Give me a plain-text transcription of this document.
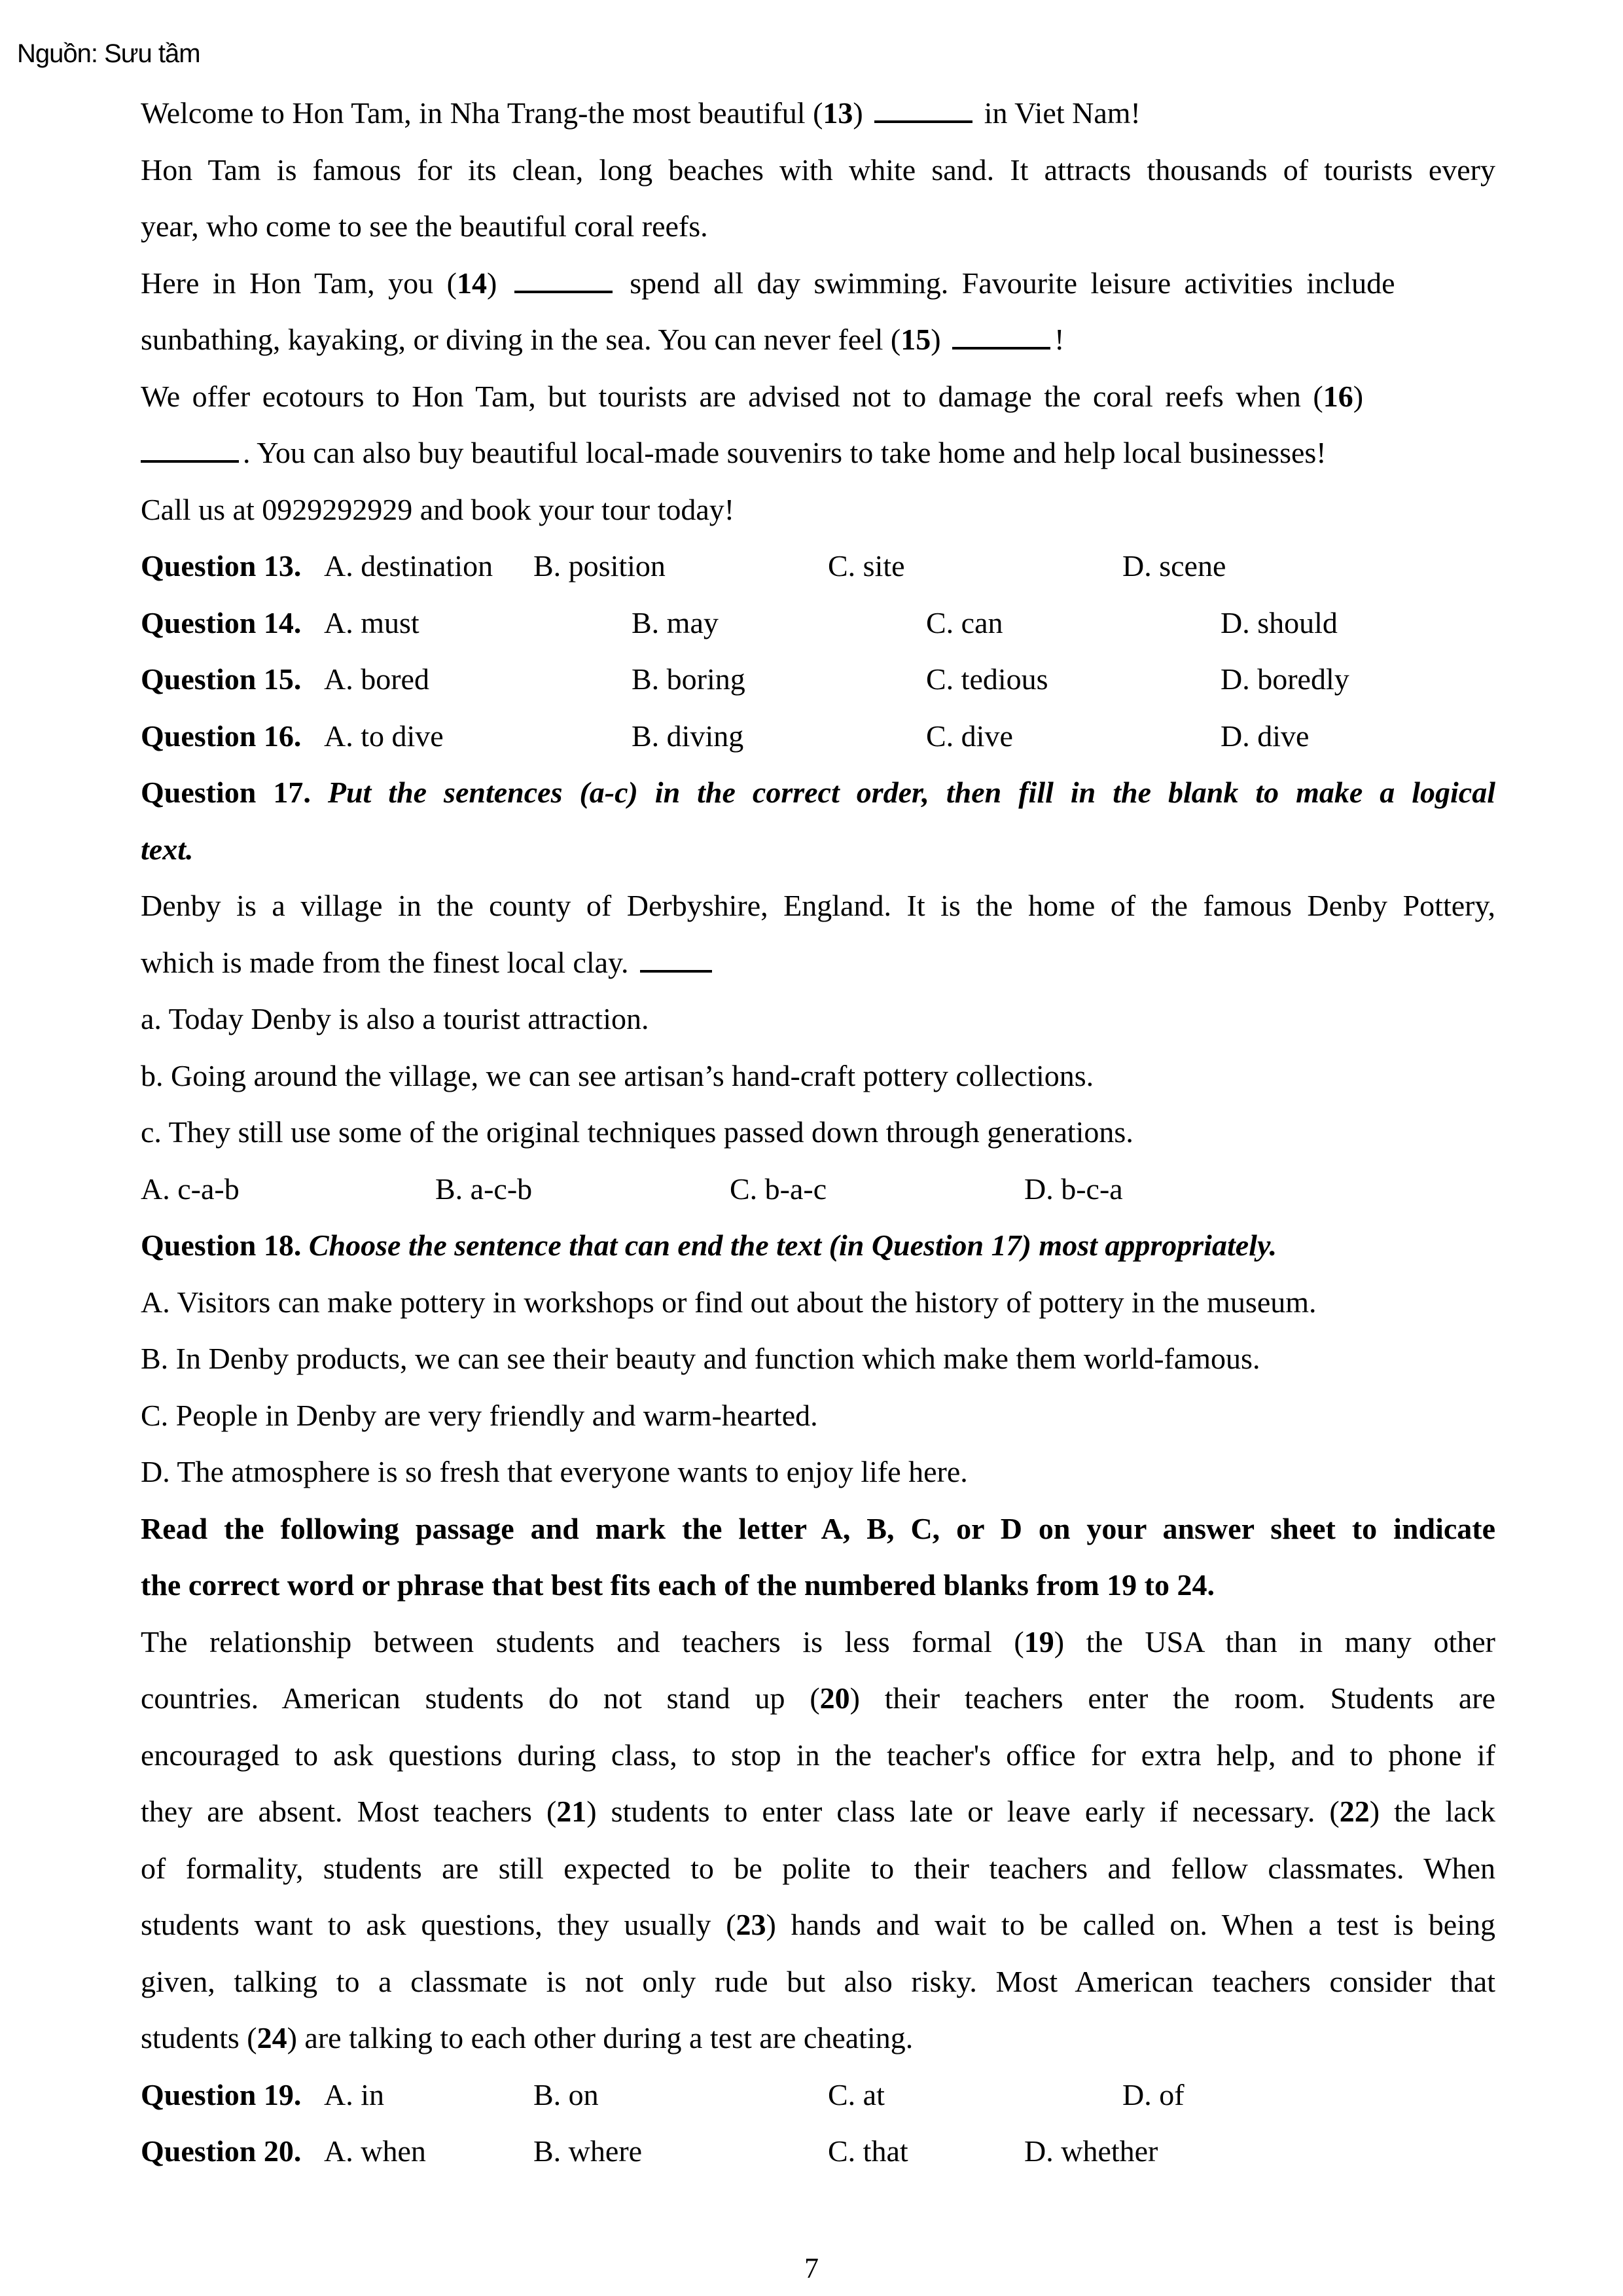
Nguồn: Sưu tầm
Welcome to Hon Tam, in Nha Trang-the most beautiful (13)	in Viet Nam!
Hon Tam is famous for its clean, long beaches with white sand. It attracts thousands of tourists every
year, who come to see the beautiful coral reefs.
Here in Hon Tam, you (14)	spend all day swimming. Favourite leisure activities include
sunbathing, kayaking, or diving in the sea. You can never feel (15)	!
We offer ecotours to Hon Tam, but tourists are advised not to damage the coral reefs when (16)
. You can also buy beautiful local-made souvenirs to take home and help local businesses!
Call us at 0929292929 and book your tour today!
Question 13. A. destination B. position	C. site	D. scene
Question 14. A. must	B. may	C. can	D. should
Question 15. A. bored	B. boring	C. tedious	D. boredly
Question 16. A. to dive	B. diving	C. dive	D. dive
Question 17. Put the sentences (a-c) in the correct order, then fill in the blank to make a logical
text.
Denby is a village in the county of Derbyshire, England. It is the home of the famous Denby Pottery,
which is made from the finest local clay.
a. Today Denby is also a tourist attraction.
b. Going around the village, we can see artisan’s hand-craft pottery collections.
c. They still use some of the original techniques passed down through generations.
A. c-a-b	B. a-c-b	C. b-a-c	D. b-c-a
Question 18. Choose the sentence that can end the text (in Question 17) most appropriately.
A. Visitors can make pottery in workshops or find out about the history of pottery in the museum.
B. In Denby products, we can see their beauty and function which make them world-famous.
C. People in Denby are very friendly and warm-hearted.
D. The atmosphere is so fresh that everyone wants to enjoy life here.
Read the following passage and mark the letter A, B, C, or D on your answer sheet to indicate
the correct word or phrase that best fits each of the numbered blanks from 19 to 24.
The relationship between students and teachers is less formal (19) the USA than in many other
countries. American students do not stand up (20) their teachers enter the room. Students are
encouraged to ask questions during class, to stop in the teacher's office for extra help, and to phone if
they are absent. Most teachers (21) students to enter class late or leave early if necessary. (22) the lack
of formality, students are still expected to be polite to their teachers and fellow classmates. When
students want to ask questions, they usually (23) hands and wait to be called on. When a test is being
given, talking to a classmate is not only rude but also risky. Most American teachers consider that
students (24) are talking to each other during a test are cheating.
Question 19. A. in	B. on	C. at	D. of
Question 20. A. when	B. where	C. that	D. whether
7
